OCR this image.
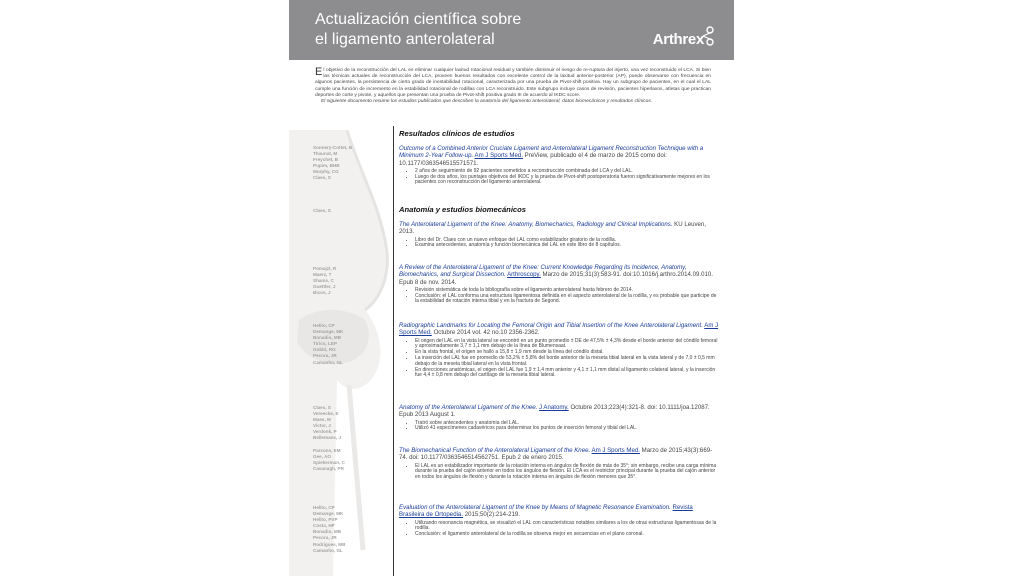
Actualización científica sobre
el ligamento anterolateral	Arthrex
E l objetivo de la reconstrucción del LAL es eliminar cualquier laxitud rotacional residual y también disminuir el riesgo de re-ruptura del injerto, una vez reconstruido el LCA. Si bien las técnicas actuales de reconstrucción del LCA, proveen buenos resultados con excelente control de la laxitud anterior-posterior (AP), puede observarse con frecuencia en algunos pacientes, la persistencia de cierto grado de inestabilidad rotacional, caracterizada por una prueba de Pivot-shift positiva. Hay un subgrupo de pacientes, en el cual el LAL cumple una función de incremento en la estabilidad rotacional de rodillas con LCA reconstruido. Este subgrupo incluye casos de revisión, pacientes hiperlaxos, atletas que practican deportes de corte y pivote, y aquellos que presentan una prueba de Pivot-shift positiva grado III de acuerdo al IKDC score.
El siguiente documento resume los estudios publicados que describen la anatomía del ligamento anterolateral, datos biomecánicos y resultados clínicos.
Sonnery-Cottet, B
Thaunat, M
Freychet, B
Pupim, BHB
Murphy, CG
Claes, S
Claes, S
Pomajzl, R
Maerz, T
Shams, C
Guettler, J
Bicos, J
Helito, CP
Demange, MK
Bonadio, MB
Tirico, LEP
Gobbi, RG
Pecora, JR
Camanho, GL
Claes, S
Vereecke, E
Maes, M
Victor, J
Verdonk, P
Bellemans, J
Parsons, EM
Gee, AO
Spiekerman, C
Cavanagh, PR
Helito, CP
Demange, MK
Helito, PVP
Costa, HP
Bonadio, MB
Pecora, JR
Rodrigues, MB
Camanho, GL
Resultados clínicos de estudios
Outcome of a Combined Anterior Cruciate Ligament and Anterolateral Ligament Reconstruction Technique with a Minimum 2-Year Follow-up. Am J Sports Med. PreView, publicado el 4 de marzo de 2015 como doi: 10.1177/0363546515571571.
• 2 años de seguimiento de 92 pacientes sometidos a reconstrucción combinada del LCA y del LAL.
• Luego de dos años, los puntajes objetivos del IKDC y la prueba de Pivot-shift postoperatoria fueron significativamente mejores en los pacientes con reconstrucción del ligamento anterolateral.
Anatomía y estudios biomecánicos
The Anterolateral Ligament of the Knee: Anatomy, Biomechanics, Radiology and Clinical Implications. KU Leuven, 2013.
• Libro del Dr. Claes con un nuevo enfoque del LAL como estabilizador giratorio de la rodilla.
• Examina antecedentes, anatomía y función biomecánica del LAL en este libro de 8 capítulos.
A Review of the Anterolateral Ligament of the Knee: Current Knowledge Regarding its Incidence, Anatomy, Biomechanics, and Surgical Dissection. Arthroscopy. Marzo de 2015;31(3):583-91. doi:10.1016/j.arthro.2014.09.010. Epub 8 de nov. 2014.
• Revisión sistemática de toda la bibliografía sobre el ligamento anterolateral hasta febrero de 2014.
• Conclusión: el LAL conforma una estructura ligamentosa definida en el aspecto anterolateral de la rodilla, y es probable que participe de la estabilidad de rotación interna tibial y en la fractura de Segond.
Radiographic Landmarks for Locating the Femoral Origin and Tibial Insertion of the Knee Anterolateral Ligament. Am J Sports Med. Octubre 2014 vol. 42 no.10 2356-2362.
• El origen del LAL en la vista lateral se encontró en un punto promedio ± DE de 47,5% ± 4,3% desde el borde anterior del cóndilo femoral y aproximadamente 3,7 ± 1,1 mm debajo de la línea de Blumensaat.
• En la vista frontal, el origen se halló a 15,8 ± 1,9 mm desde la línea del cóndilo distal.
• La inserción del LAL fue en promedio de 53,2% ± 5,8% del borde anterior de la meseta tibial lateral en la vista lateral y de 7,0 ± 0,5 mm debajo de la meseta tibial lateral en la vista frontal.
• En direcciones anatómicas, el origen del LAL fue 1,9 ± 1,4 mm anterior y 4,1 ± 1,1 mm distal al ligamento colateral lateral, y la inserción fue 4,4 ± 0,8 mm debajo del cartílago de la meseta tibial lateral.
Anatomy of the Anterolateral Ligament of the Knee. J Anatomy. Octubre 2013;223(4):321-8. doi: 10.1111/joa.12087. Epub 2013 August 1.
• Tratró sobre antecedentes y anatomía del LAL.
• Utilizó 41 especímenes cadavéricos para determinar los puntos de inserción femoral y tibial del LAL.
The Biomechanical Function of the Anterolateral Ligament of the Knee. Am J Sports Med. Marzo de 2015;43(3):669-74. doi: 10.1177/0363546514562751. Epub 2 de enero 2015.
• El LAL es un estabilizador importante de la rotación interna en ángulos de flexión de más de 35°; sin embargo, recibe una carga mínima durante la prueba del cajón anterior en todos los ángulos de flexión. El LCA es el restrictor principal durante la prueba del cajón anterior en todos los ángulos de flexión y durante la rotación interna en ángulos de flexión menores que 35°.
Evaluation of the Anterolateral Ligament of the Knee by Means of Magnetic Resonance Examination. Revista Brasileira de Ortopedia. 2015;50(2):214-219.
• Utilizando resonancia magnética, se visualizó el LAL con características notables similares a los de otras estructuras ligamentosas de la rodilla.
• Conclusión: el ligamento anterolateral de la rodilla se observa mejor en secuencias en el plano coronal.
